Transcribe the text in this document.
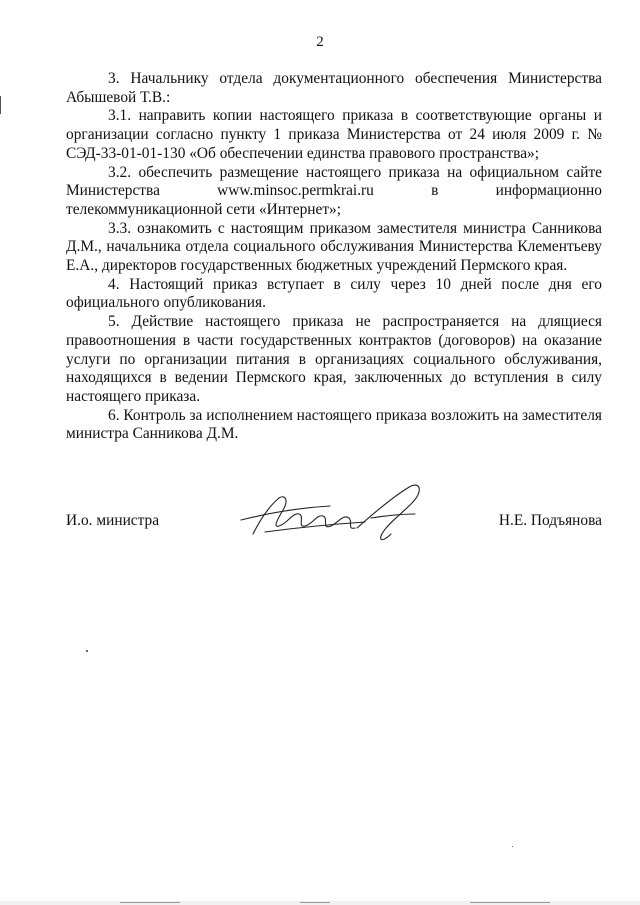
2

3. Начальнику отдела документационного обеспечения Министерства Абышевой Т.В.:

3.1. направить копии настоящего приказа в соответствующие органы и организации согласно пункту 1 приказа Министерства от 24 июля 2009 г. № СЭД-33-01-01-130 «Об обеспечении единства правового пространства»;

3.2. обеспечить размещение настоящего приказа на официальном сайте Министерства www.minsoc.permkrai.ru в информационно телекоммуникационной сети «Интернет»;

3.3. ознакомить с настоящим приказом заместителя министра Санникова Д.М., начальника отдела социального обслуживания Министерства Клементьеву Е.А., директоров государственных бюджетных учреждений Пермского края.

4. Настоящий приказ вступает в силу через 10 дней после дня его официального опубликования.

5. Действие настоящего приказа не распространяется на длящиеся правоотношения в части государственных контрактов (договоров) на оказание услуги по организации питания в организациях социального обслуживания, находящихся в ведении Пермского края, заключенных до вступления в силу настоящего приказа.

6. Контроль за исполнением настоящего приказа возложить на заместителя министра Санникова Д.М.

И.о. министра	Н.Е. Подъянова
